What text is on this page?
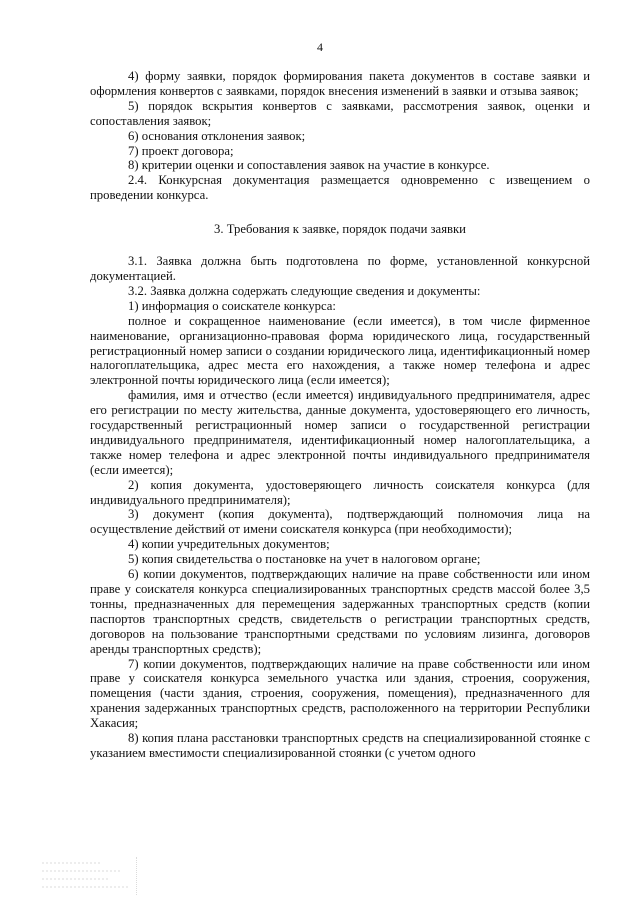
4

4) форму заявки, порядок формирования пакета документов в составе заявки и оформления конвертов с заявками, порядок внесения изменений в заявки и отзыва заявок;

5) порядок вскрытия конвертов с заявками, рассмотрения заявок, оценки и сопоставления заявок;

6) основания отклонения заявок;

7) проект договора;

8) критерии оценки и сопоставления заявок на участие в конкурсе.

2.4. Конкурсная документация размещается одновременно с извещением о проведении конкурса.

3. Требования к заявке, порядок подачи заявки

3.1. Заявка должна быть подготовлена по форме, установленной конкурсной документацией.

3.2. Заявка должна содержать следующие сведения и документы:

1) информация о соискателе конкурса:

полное и сокращенное наименование (если имеется), в том числе фирменное наименование, организационно-правовая форма юридического лица, государственный регистрационный номер записи о создании юридического лица, идентификационный номер налогоплательщика, адрес места его нахождения, а также номер телефона и адрес электронной почты юридического лица (если имеется);

фамилия, имя и отчество (если имеется) индивидуального предпринимателя, адрес его регистрации по месту жительства, данные документа, удостоверяющего его личность, государственный регистрационный номер записи о государственной регистрации индивидуального предпринимателя, идентификационный номер налогоплательщика, а также номер телефона и адрес электронной почты индивидуального предпринимателя (если имеется);

2) копия документа, удостоверяющего личность соискателя конкурса (для индивидуального предпринимателя);

3) документ (копия документа), подтверждающий полномочия лица на осуществление действий от имени соискателя конкурса (при необходимости);

4) копии учредительных документов;

5) копия свидетельства о постановке на учет в налоговом органе;

6) копии документов, подтверждающих наличие на праве собственности или ином праве у соискателя конкурса специализированных транспортных средств массой более 3,5 тонны, предназначенных для перемещения задержанных транспортных средств (копии паспортов транспортных средств, свидетельств о регистрации транспортных средств, договоров на пользование транспортными средствами по условиям лизинга, договоров аренды транспортных средств);

7) копии документов, подтверждающих наличие на праве собственности или ином праве у соискателя конкурса земельного участка или здания, строения, сооружения, помещения (части здания, строения, сооружения, помещения), предназначенного для хранения задержанных транспортных средств, расположенного на территории Республики Хакасия;

8) копия плана расстановки транспортных средств на специализированной стоянке с указанием вместимости специализированной стоянки (с учетом одного
